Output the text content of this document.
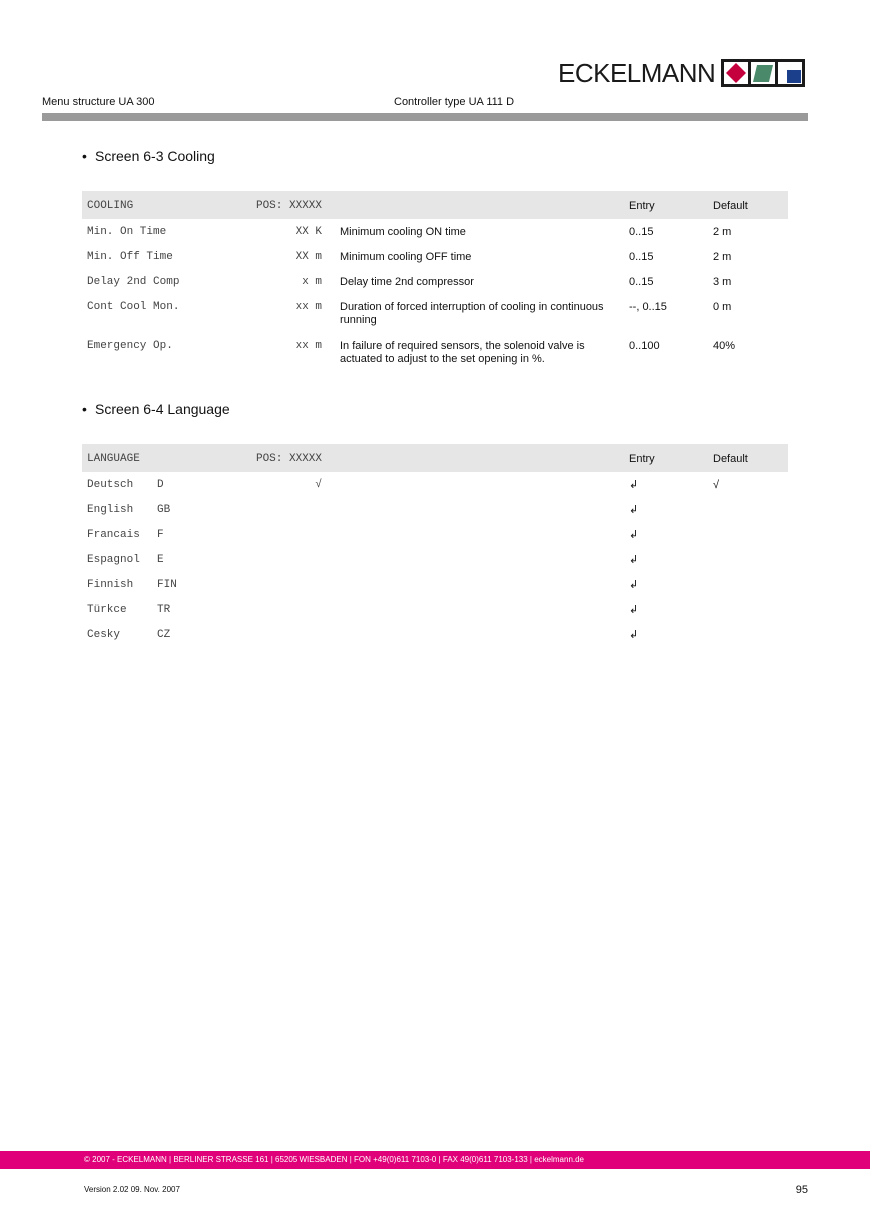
ECKELMANN
Menu structure UA 300	Controller type UA 111 D
• Screen 6-3 Cooling
COOLING	POS: XXXXX		Entry	Default
Min. On Time	XX K	Minimum cooling ON time	0..15	2 m
Min. Off Time	XX m	Minimum cooling OFF time	0..15	2 m
Delay 2nd Comp	x m	Delay time 2nd compressor	0..15	3 m
Cont Cool Mon.	xx m	Duration of forced interruption of cooling in continuous running	--, 0..15	0 m
Emergency Op.	xx m	In failure of required sensors, the solenoid valve is actuated to adjust to the set opening in %.	0..100	40%
• Screen 6-4 Language
LANGUAGE	POS: XXXXX		Entry	Default
Deutsch D	√		↲	√
English GB			↲	
Francais F			↲	
Espagnol E			↲	
Finnish FIN			↲	
Türkce TR			↲	
Cesky CZ			↲	
© 2007 - ECKELMANN | BERLINER STRASSE 161 | 65205 WIESBADEN | FON +49(0)611 7103-0 | FAX 49(0)611 7103-133 | eckelmann.de
Version 2.02 09. Nov. 2007	95
